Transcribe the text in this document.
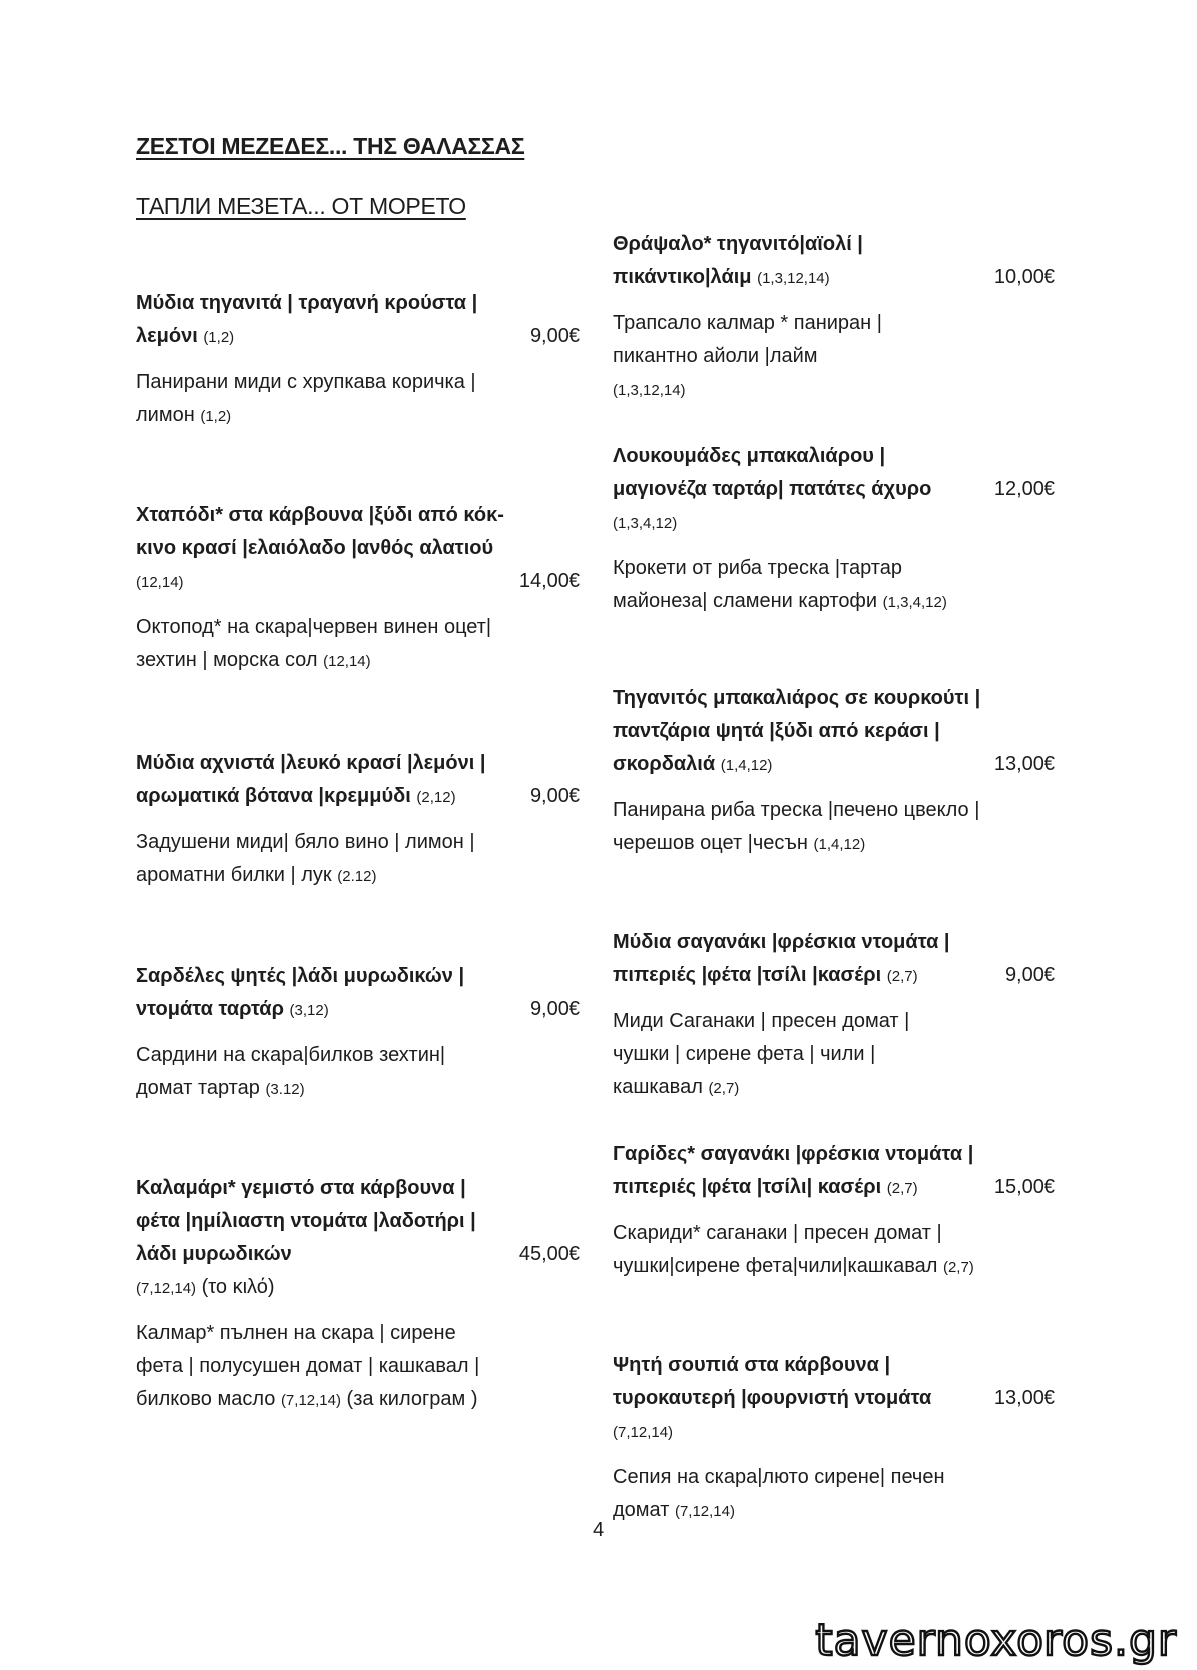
ΖΕΣΤΟΙ ΜΕΖΕΔΕΣ... ΤΗΣ ΘΑΛΑΣΣΑΣ
ТАПЛИ МЕЗЕТА... ОТ МОРЕТО
Μύδια τηγανιτά | τραγανή κρούστα | λεμόνι (1,2)
Панирани миди с хрупкава коричка | лимон (1,2)
9,00€
Χταπόδι* στα κάρβουνα |ξύδι από κόκ- κινο κρασί |ελαιόλαδο |ανθός αλατιού
(12,14)
Октопод* на скара|червен винен оцет|зехтин | морска сол (12,14)
14,00€
Μύδια αχνιστά |λευκό κρασί |λεμόνι |αρωματικά βότανα |κρεμμύδι (2,12)
Задушени миди| бяло вино | лимон | ароматни билки | лук (2.12)
9,00€
Σαρδέλες ψητές |λάδι μυρωδικών | ντομάτα ταρτάρ (3,12)
Сардини на скара|билков зехтин|домат тартар (3.12)
9,00€
Καλαμάρι* γεμιστό στα κάρβουνα | φέτα |ημίλιαστη ντομάτα |λαδοτήρι | λάδι μυρωδικών
(7,12,14) (το κιλό)
Калмар* пълнен на скара | сирене фета | полусушен домат | кашкавал | билково масло (7,12,14) (за килограм )
45,00€
Θράψαλο* τηγανιτό|αϊολί | πικάντικο|λάιμ (1,3,12,14)
Трапсало калмар * паниран |пикантно айоли |лайм (1,3,12,14)
10,00€
Λουκουμάδες μπακαλιάρου | μαγιονέζα ταρτάρ| πατάτες άχυρο
(1,3,4,12)
Крокети от риба треска |тартар майонеза| сламени картофи (1,3,4,12)
12,00€
Τηγανιτός μπακαλιάρος σε κουρκούτι |παντζάρια ψητά |ξύδι από κεράσι |σκορδαλιά (1,4,12)
Панирана риба треска |печено цвекло |черешов оцет |чесън (1,4,12)
13,00€
Μύδια σαγανάκι |φρέσκια ντομάτα | πιπεριές |φέτα |τσίλι |κασέρι (2,7)
Миди Саганаки | пресен домат | чушки | сирене фета | чили | кашкавал (2,7)
9,00€
Γαρίδες* σαγανάκι |φρέσκια ντομάτα |πιπεριές |φέτα |τσίλι| κασέρι (2,7)
Скариди* саганаки | пресен домат | чушки|сирене фета|чили|кашкавал (2,7)
15,00€
Ψητή σουπιά στα κάρβουνα | τυροκαυτερή |φουρνιστή ντομάτα
(7,12,14)
Сепия на скара|люто сирене| печен домат (7,12,14)
13,00€
4
tavernoxoros.gr
